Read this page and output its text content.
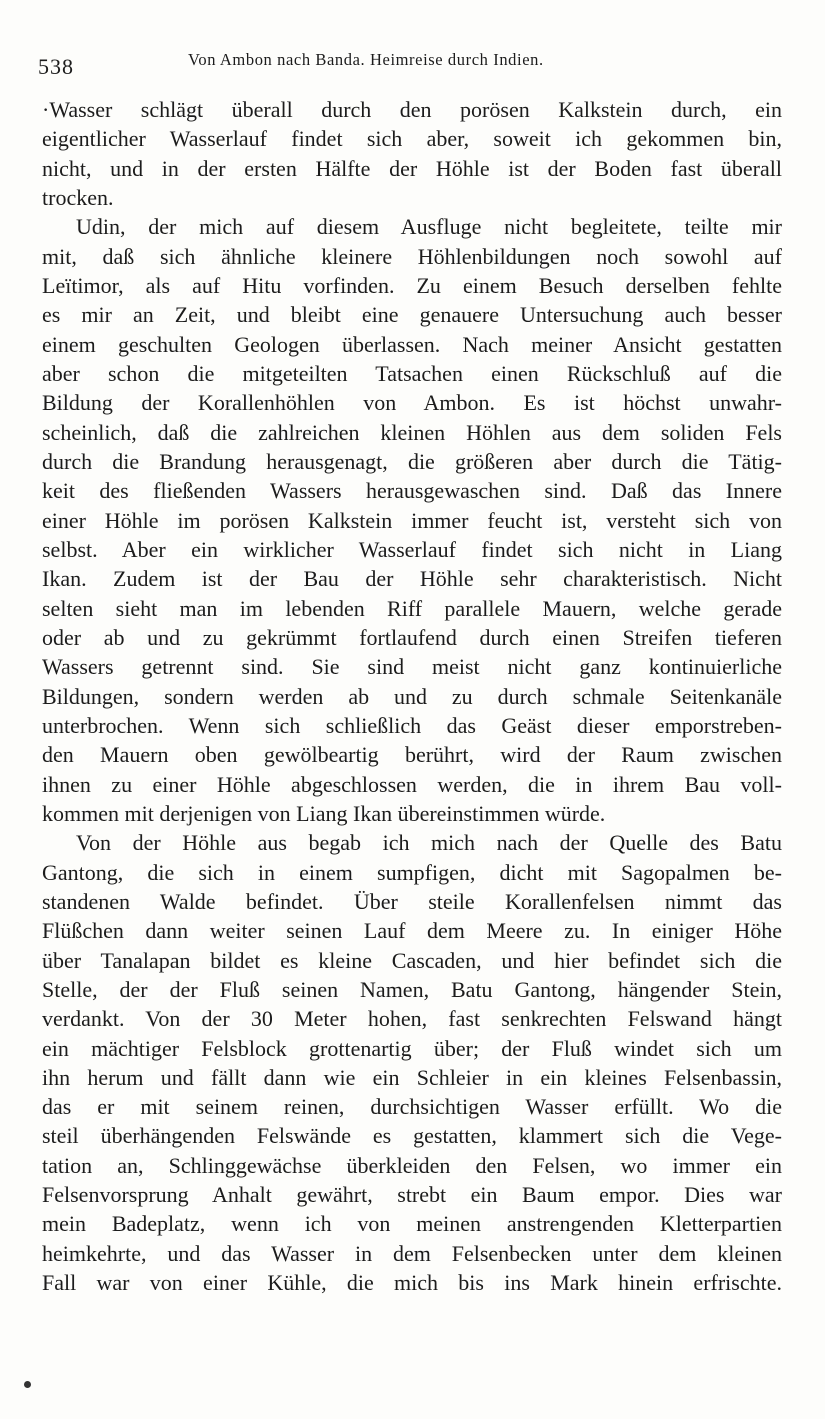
538	Von Ambon nach Banda. Heimreise durch Indien.
·Wasser schlägt überall durch den porösen Kalkstein durch, ein
eigentlicher Wasserlauf findet sich aber, soweit ich gekommen bin,
nicht, und in der ersten Hälfte der Höhle ist der Boden fast überall
trocken.
Udin, der mich auf diesem Ausfluge nicht begleitete, teilte mir
mit, daß sich ähnliche kleinere Höhlenbildungen noch sowohl auf
Leïtimor, als auf Hitu vorfinden. Zu einem Besuch derselben fehlte
es mir an Zeit, und bleibt eine genauere Untersuchung auch besser
einem geschulten Geologen überlassen. Nach meiner Ansicht gestatten
aber schon die mitgeteilten Tatsachen einen Rückschluß auf die
Bildung der Korallenhöhlen von Ambon. Es ist höchst unwahr-
scheinlich, daß die zahlreichen kleinen Höhlen aus dem soliden Fels
durch die Brandung herausgenagt, die größeren aber durch die Tätig-
keit des fließenden Wassers herausgewaschen sind. Daß das Innere
einer Höhle im porösen Kalkstein immer feucht ist, versteht sich von
selbst. Aber ein wirklicher Wasserlauf findet sich nicht in Liang
Ikan. Zudem ist der Bau der Höhle sehr charakteristisch. Nicht
selten sieht man im lebenden Riff parallele Mauern, welche gerade
oder ab und zu gekrümmt fortlaufend durch einen Streifen tieferen
Wassers getrennt sind. Sie sind meist nicht ganz kontinuierliche
Bildungen, sondern werden ab und zu durch schmale Seitenkanäle
unterbrochen. Wenn sich schließlich das Geäst dieser emporstreben-
den Mauern oben gewölbeartig berührt, wird der Raum zwischen
ihnen zu einer Höhle abgeschlossen werden, die in ihrem Bau voll-
kommen mit derjenigen von Liang Ikan übereinstimmen würde.
Von der Höhle aus begab ich mich nach der Quelle des Batu
Gantong, die sich in einem sumpfigen, dicht mit Sagopalmen be-
standenen Walde befindet. Über steile Korallenfelsen nimmt das
Flüßchen dann weiter seinen Lauf dem Meere zu. In einiger Höhe
über Tanalapan bildet es kleine Cascaden, und hier befindet sich die
Stelle, der der Fluß seinen Namen, Batu Gantong, hängender Stein,
verdankt. Von der 30 Meter hohen, fast senkrechten Felswand hängt
ein mächtiger Felsblock grottenartig über; der Fluß windet sich um
ihn herum und fällt dann wie ein Schleier in ein kleines Felsenbassin,
das er mit seinem reinen, durchsichtigen Wasser erfüllt. Wo die
steil überhängenden Felswände es gestatten, klammert sich die Vege-
tation an, Schlinggewächse überkleiden den Felsen, wo immer ein
Felsenvorsprung Anhalt gewährt, strebt ein Baum empor. Dies war
mein Badeplatz, wenn ich von meinen anstrengenden Kletterpartien
heimkehrte, und das Wasser in dem Felsenbecken unter dem kleinen
Fall war von einer Kühle, die mich bis ins Mark hinein erfrischte.
